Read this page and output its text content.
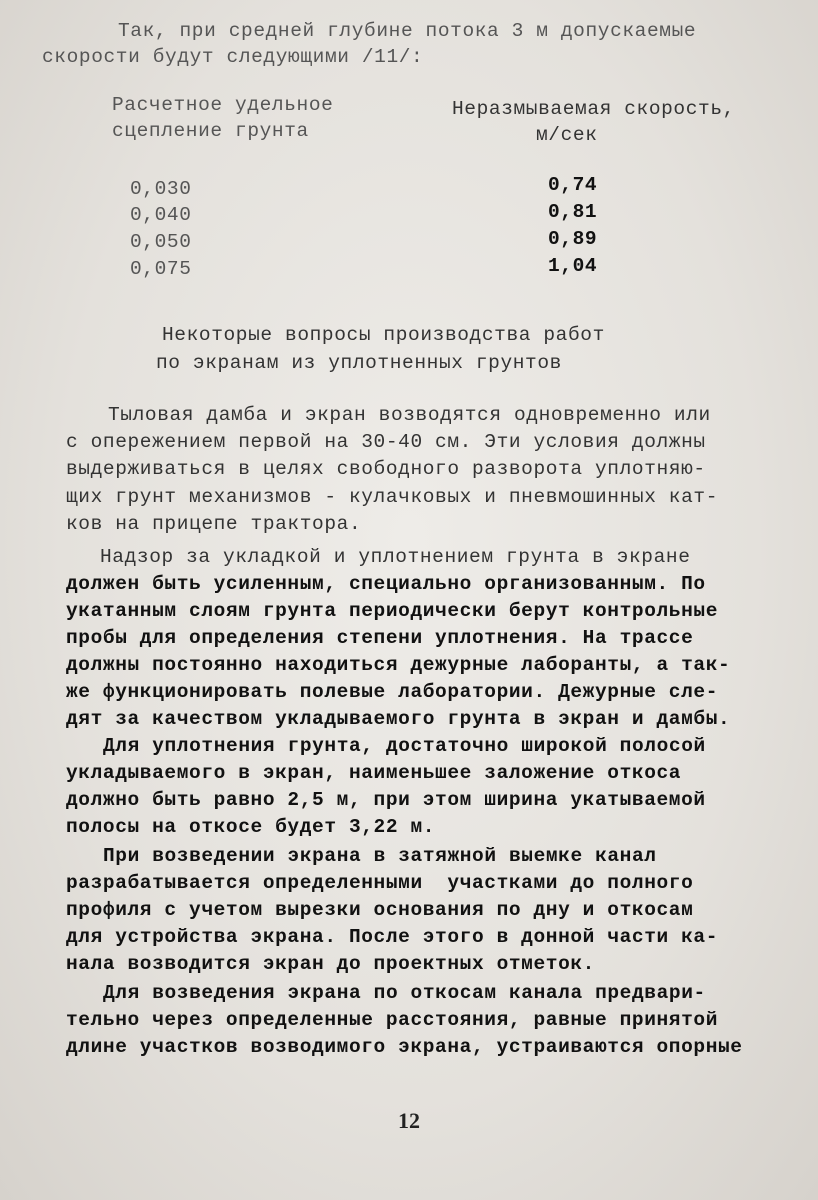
Так, при средней глубине потока 3 м допускаемые
скорости будут следующими /11/:
Расчетное удельное
сцепление грунта
Неразмываемая скорость,
м/сек
0,030
0,040
0,050
0,075
0,74
0,81
0,89
1,04
Некоторые вопросы производства работ
по экранам из уплотненных грунтов
Тыловая дамба и экран возводятся одновременно или
с опережением первой на 30-40 см. Эти условия должны
выдерживаться в целях свободного разворота уплотняю-
щих грунт механизмов - кулачковых и пневмошинных кат-
ков на прицепе трактора.
Надзор за укладкой и уплотнением грунта в экране
должен быть усиленным, специально организованным. По
укатанным слоям грунта периодически берут контрольные
пробы для определения степени уплотнения. На трассе
должны постоянно находиться дежурные лаборанты, а так-
же функционировать полевые лаборатории. Дежурные сле-
дят за качеством укладываемого грунта в экран и дамбы.
Для уплотнения грунта, достаточно широкой полосой
укладываемого в экран, наименьшее заложение откоса
должно быть равно 2,5 м, при этом ширина укатываемой
полосы на откосе будет 3,22 м.
При возведении экрана в затяжной выемке канал
разрабатывается определенными  участками до полного
профиля с учетом вырезки основания по дну и откосам
для устройства экрана. После этого в донной части ка-
нала возводится экран до проектных отметок.
Для возведения экрана по откосам канала предвари-
тельно через определенные расстояния, равные принятой
длине участков возводимого экрана, устраиваются опорные
12
